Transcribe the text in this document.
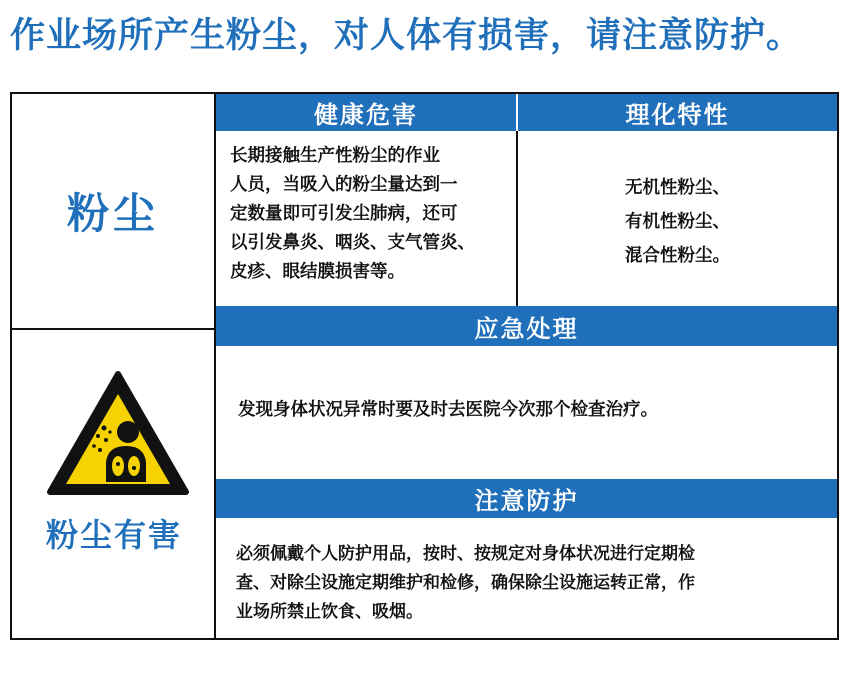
作业场所产生粉尘，对人体有损害，请注意防护。
粉尘
粉尘有害
健康危害	理化特性
长期接触生产性粉尘的作业
人员，当吸入的粉尘量达到一
定数量即可引发尘肺病，还可
以引发鼻炎、咽炎、支气管炎、
皮疹、眼结膜损害等。
无机性粉尘、
有机性粉尘、
混合性粉尘。
应急处理
发现身体状况异常时要及时去医院今次那个检查治疗。
注意防护
必须佩戴个人防护用品，按时、按规定对身体状况进行定期检
查、对除尘设施定期维护和检修，确保除尘设施运转正常，作
业场所禁止饮食、吸烟。
